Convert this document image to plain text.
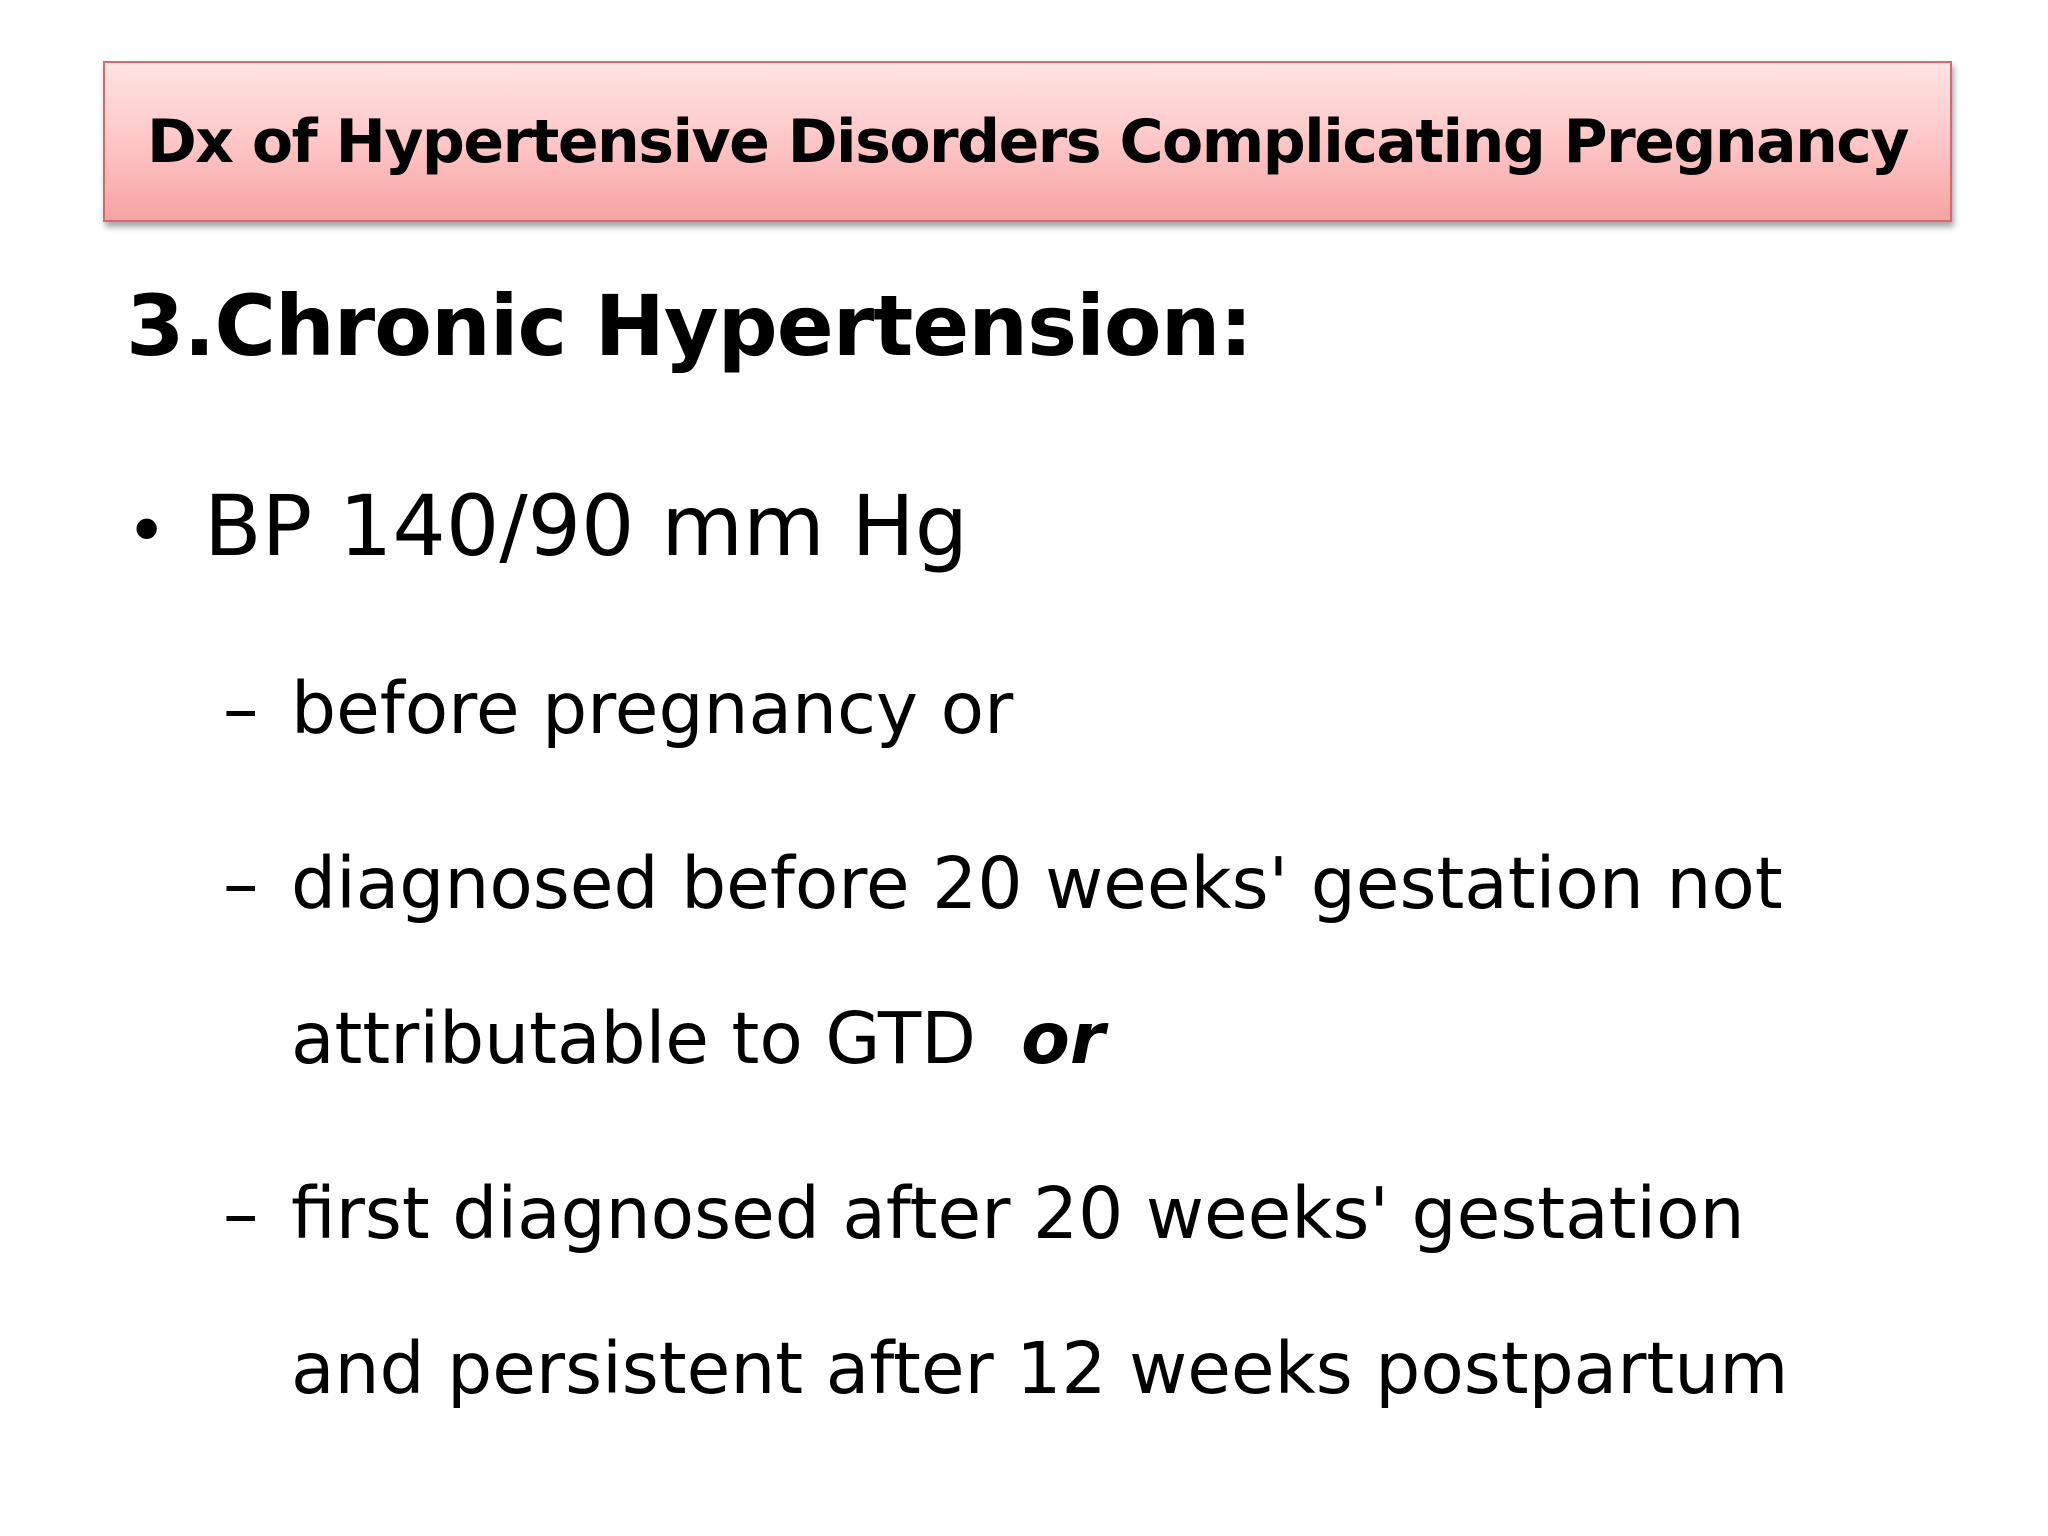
Dx of Hypertensive Disorders Complicating Pregnancy
3.Chronic Hypertension:
• BP 140/90 mm Hg
– before pregnancy or
– diagnosed before 20 weeks' gestation not
attributable to GTD or
– first diagnosed after 20 weeks' gestation
and persistent after 12 weeks postpartum
